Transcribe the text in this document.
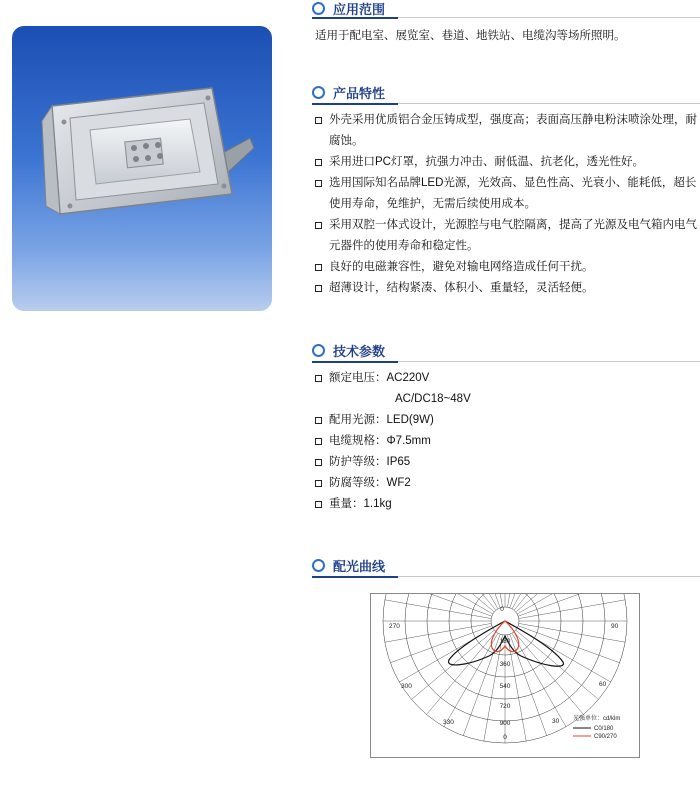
应用范围
适用于配电室、展览室、巷道、地铁站、电缆沟等场所照明。
产品特性
外壳采用优质铝合金压铸成型，强度高；表面高压静电粉沫喷涂处理，耐腐蚀。
采用进口PC灯罩，抗强力冲击、耐低温、抗老化，透光性好。
选用国际知名品牌LED光源，光效高、显色性高、光衰小、能耗低，超长使用寿命，免维护，无需后续使用成本。
采用双腔一体式设计，光源腔与电气腔隔离，提高了光源及电气箱内电气元器件的使用寿命和稳定性。
良好的电磁兼容性，避免对输电网络造成任何干扰。
超薄设计，结构紧凑、体积小、重量轻，灵活轻便。
技术参数
额定电压：AC220V
AC/DC18~48V
配用光源：LED(9W)
电缆规格：Φ7.5mm
防护等级：IP65
防腐等级：WF2
重量：1.1kg
配光曲线
0
270	90
300	60
330	30
0
180
360
540
720
900
光强单位：cd/klm
C0/180
C90/270
